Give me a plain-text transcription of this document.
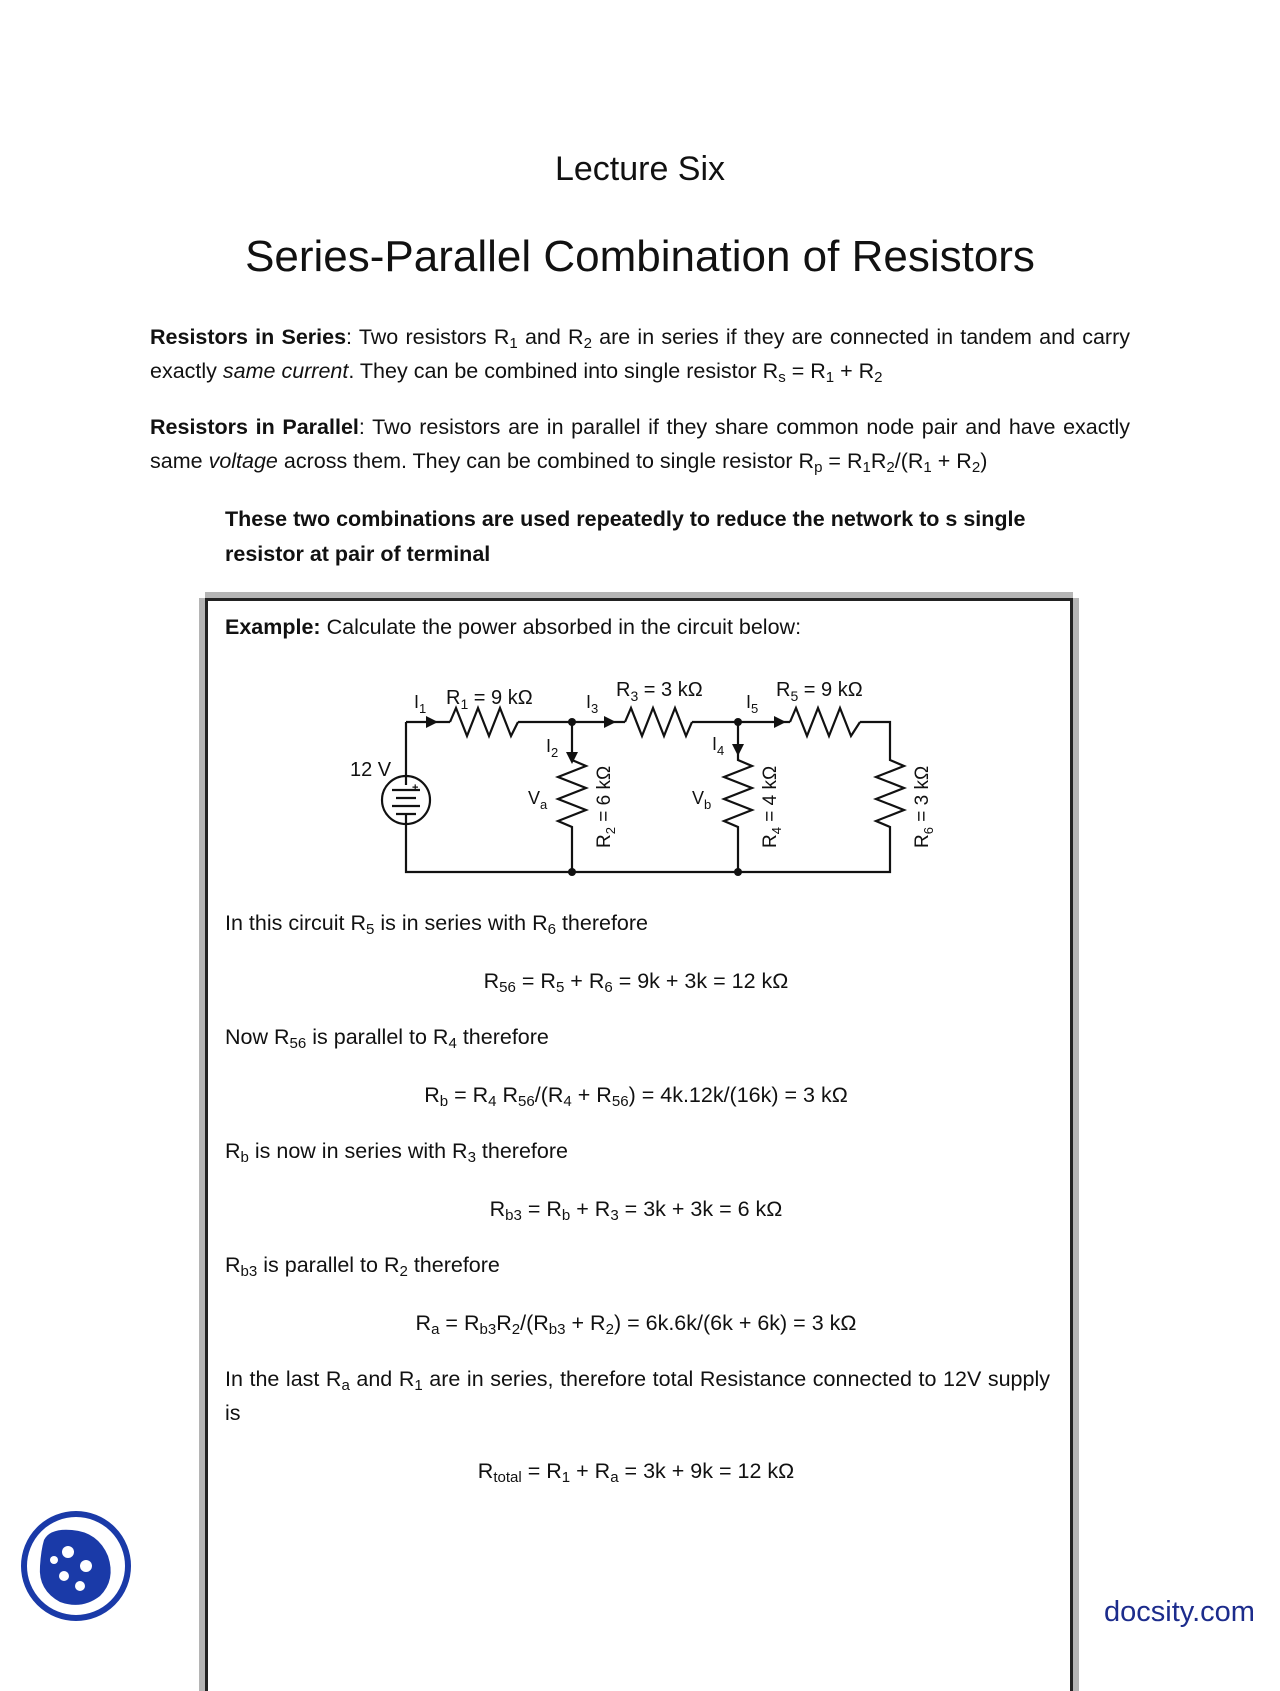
Lecture Six
Series-Parallel Combination of Resistors
Resistors in Series: Two resistors $R_1$ and $R_2$ are in series if they are connected in tandem and carry exactly same current. They can be combined into single resistor $R_s = R_1 + R_2$
Resistors in Parallel: Two resistors are in parallel if they share common node pair and have exactly same voltage across them. They can be combined to single resistor $R_p = R_1R_2/(R_1 + R_2)$
These two combinations are used repeatedly to reduce the network to s single resistor at pair of terminal
Example: Calculate the power absorbed in the circuit below:
+
12 V
$R_1 = 9$ kΩ	$R_3 = 3$ kΩ	$R_5 = 9$ kΩ
$I_1$	$I_3$	$I_5$
$I_2$	$I_4$
$V_a$	$V_b$
$R_2 = 6$ kΩ
$R_4 = 4$ kΩ
$R_6 = 3$ kΩ
In this circuit $R_5$ is in series with $R_6$ therefore
$R_{56} = R_5 + R_6 = 9k + 3k = 12$ kΩ
Now $R_{56}$ is parallel to $R_4$ therefore
$R_b = R_4$ $R_{56}/(R_4 + R_{56}) = 4k.12k/(16k) = 3$ kΩ
$R_b$ is now in series with $R_3$ therefore
$R_{b3} = R_b + R_3 = 3k + 3k = 6$ kΩ
$R_{b3}$ is parallel to $R_2$ therefore
$R_a = R_{b3}R_2/(R_{b3} + R_2) = 6k.6k/(6k + 6k) = 3$ kΩ
In the last $R_a$ and $R_1$ are in series, therefore total Resistance connected to 12V supply is
$R_{total} = R_1 + R_a = 3k + 9k = 12$ kΩ
docsity.com
